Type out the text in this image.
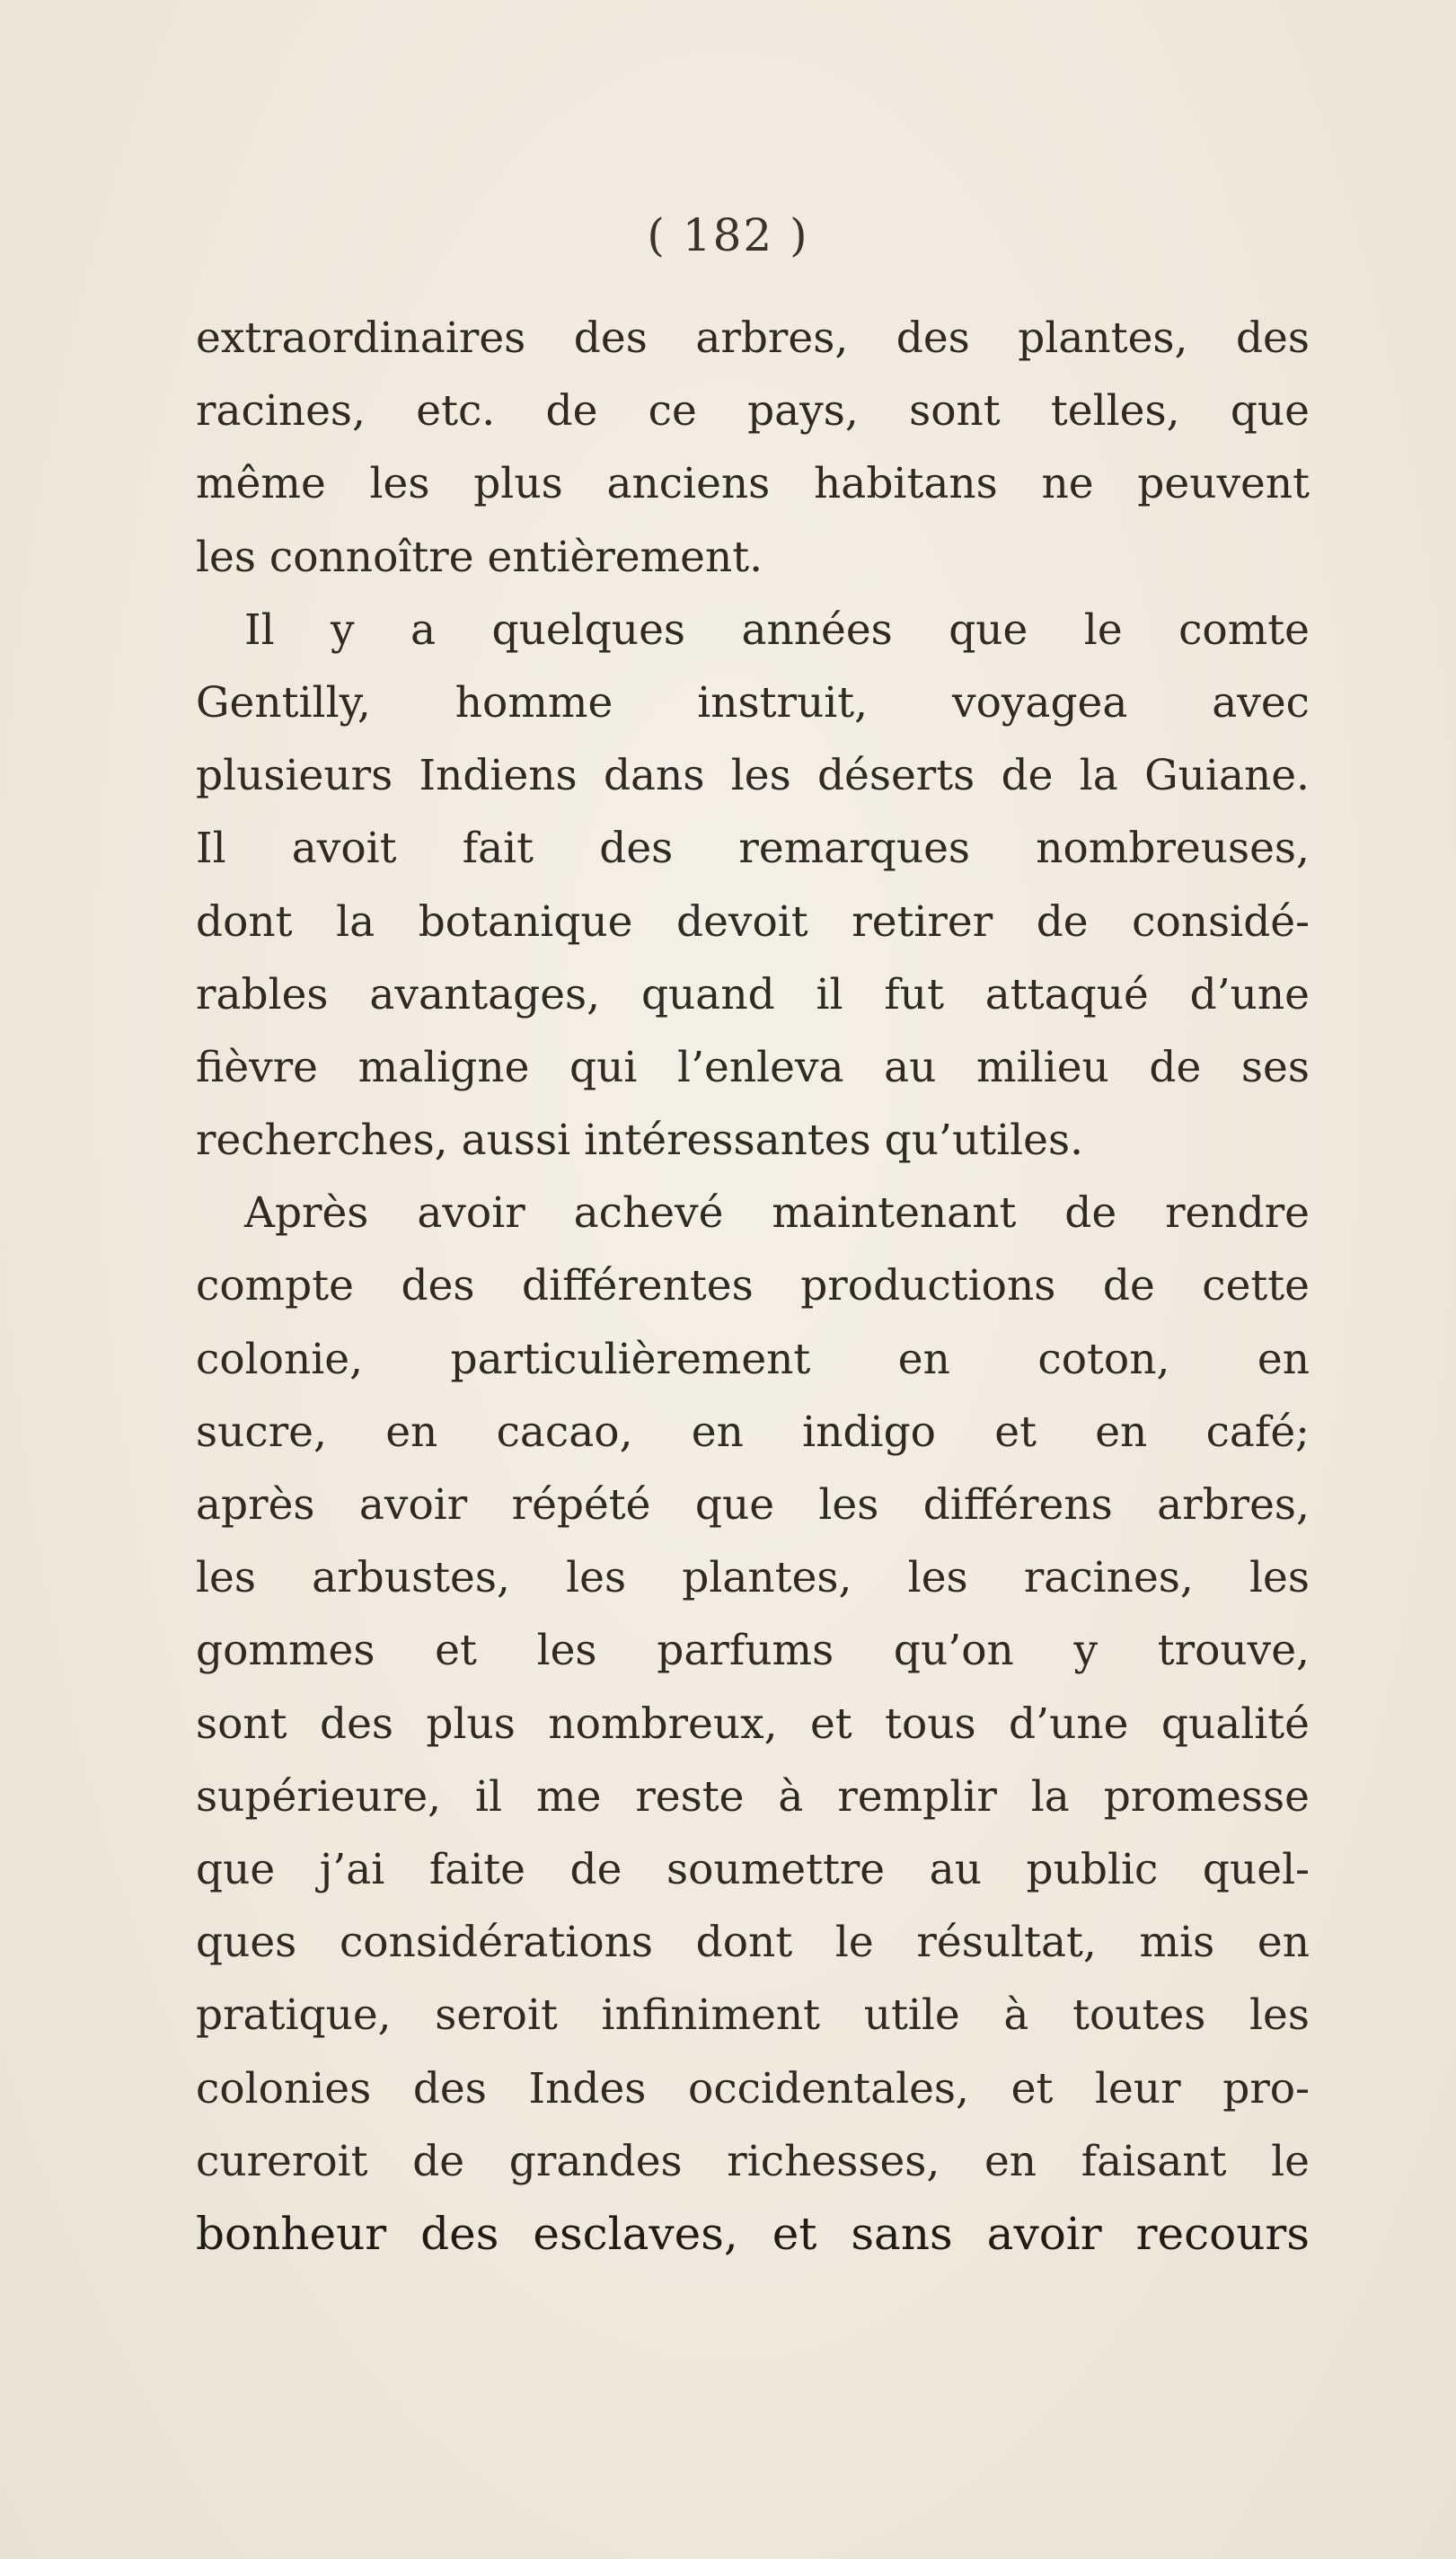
( 182 )
extraordinaires des arbres, des plantes, des
racines, etc. de ce pays, sont telles, que
même les plus anciens habitans ne peuvent
les connoître entièrement.
Il y a quelques années que le comte
Gentilly, homme instruit, voyagea avec
plusieurs Indiens dans les déserts de la Guiane.
Il avoit fait des remarques nombreuses,
dont la botanique devoit retirer de considé-
rables avantages, quand il fut attaqué d’une
fièvre maligne qui l’enleva au milieu de ses
recherches, aussi intéressantes qu’utiles.
Après avoir achevé maintenant de rendre
compte des différentes productions de cette
colonie, particulièrement en coton, en
sucre, en cacao, en indigo et en café;
après avoir répété que les différens arbres,
les arbustes, les plantes, les racines, les
gommes et les parfums qu’on y trouve,
sont des plus nombreux, et tous d’une qualité
supérieure, il me reste à remplir la promesse
que j’ai faite de soumettre au public quel-
ques considérations dont le résultat, mis en
pratique, seroit infiniment utile à toutes les
colonies des Indes occidentales, et leur pro-
cureroit de grandes richesses, en faisant le
bonheur des esclaves, et sans avoir recours
